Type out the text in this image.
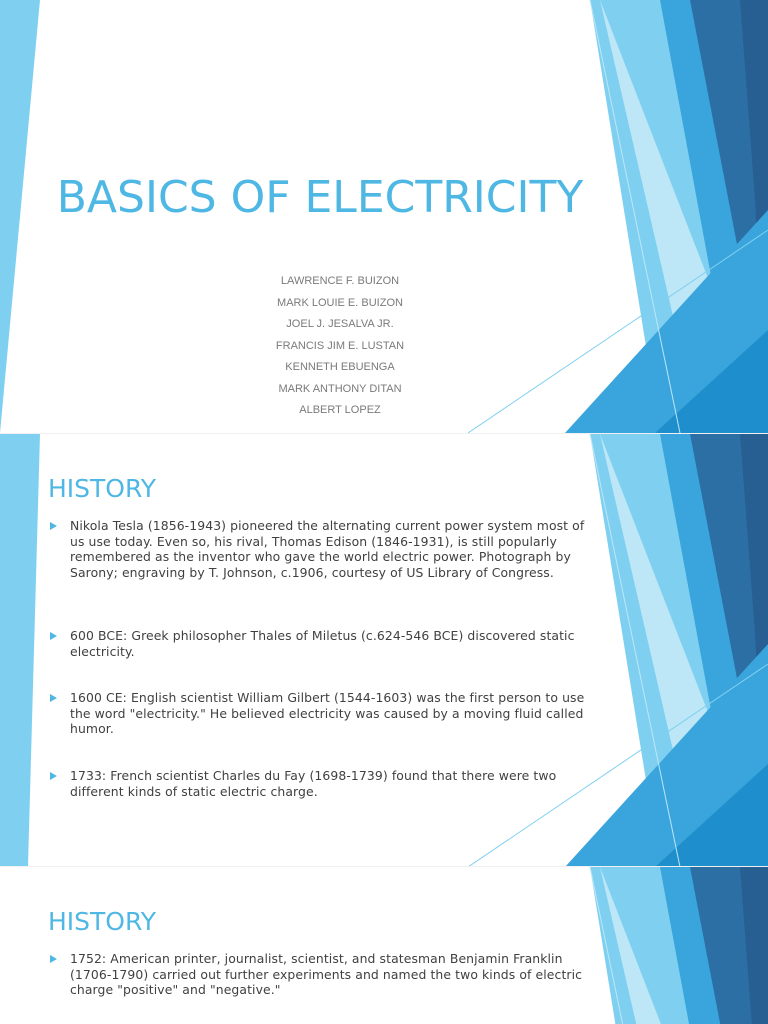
BASICS OF ELECTRICITY
LAWRENCE F. BUIZON
MARK LOUIE E. BUIZON
JOEL J. JESALVA JR.
FRANCIS JIM E. LUSTAN
KENNETH EBUENGA
MARK ANTHONY DITAN
ALBERT LOPEZ
HISTORY
Nikola Tesla (1856-1943) pioneered the alternating current power system most of us use today. Even so, his rival, Thomas Edison (1846-1931), is still popularly remembered as the inventor who gave the world electric power. Photograph by Sarony; engraving by T. Johnson, c.1906, courtesy of US Library of Congress.
600 BCE: Greek philosopher Thales of Miletus (c.624-546 BCE) discovered static electricity.
1600 CE: English scientist William Gilbert (1544-1603) was the first person to use the word "electricity." He believed electricity was caused by a moving fluid called humor.
1733: French scientist Charles du Fay (1698-1739) found that there were two different kinds of static electric charge.
HISTORY
1752: American printer, journalist, scientist, and statesman Benjamin Franklin (1706-1790) carried out further experiments and named the two kinds of electric charge "positive" and "negative."
